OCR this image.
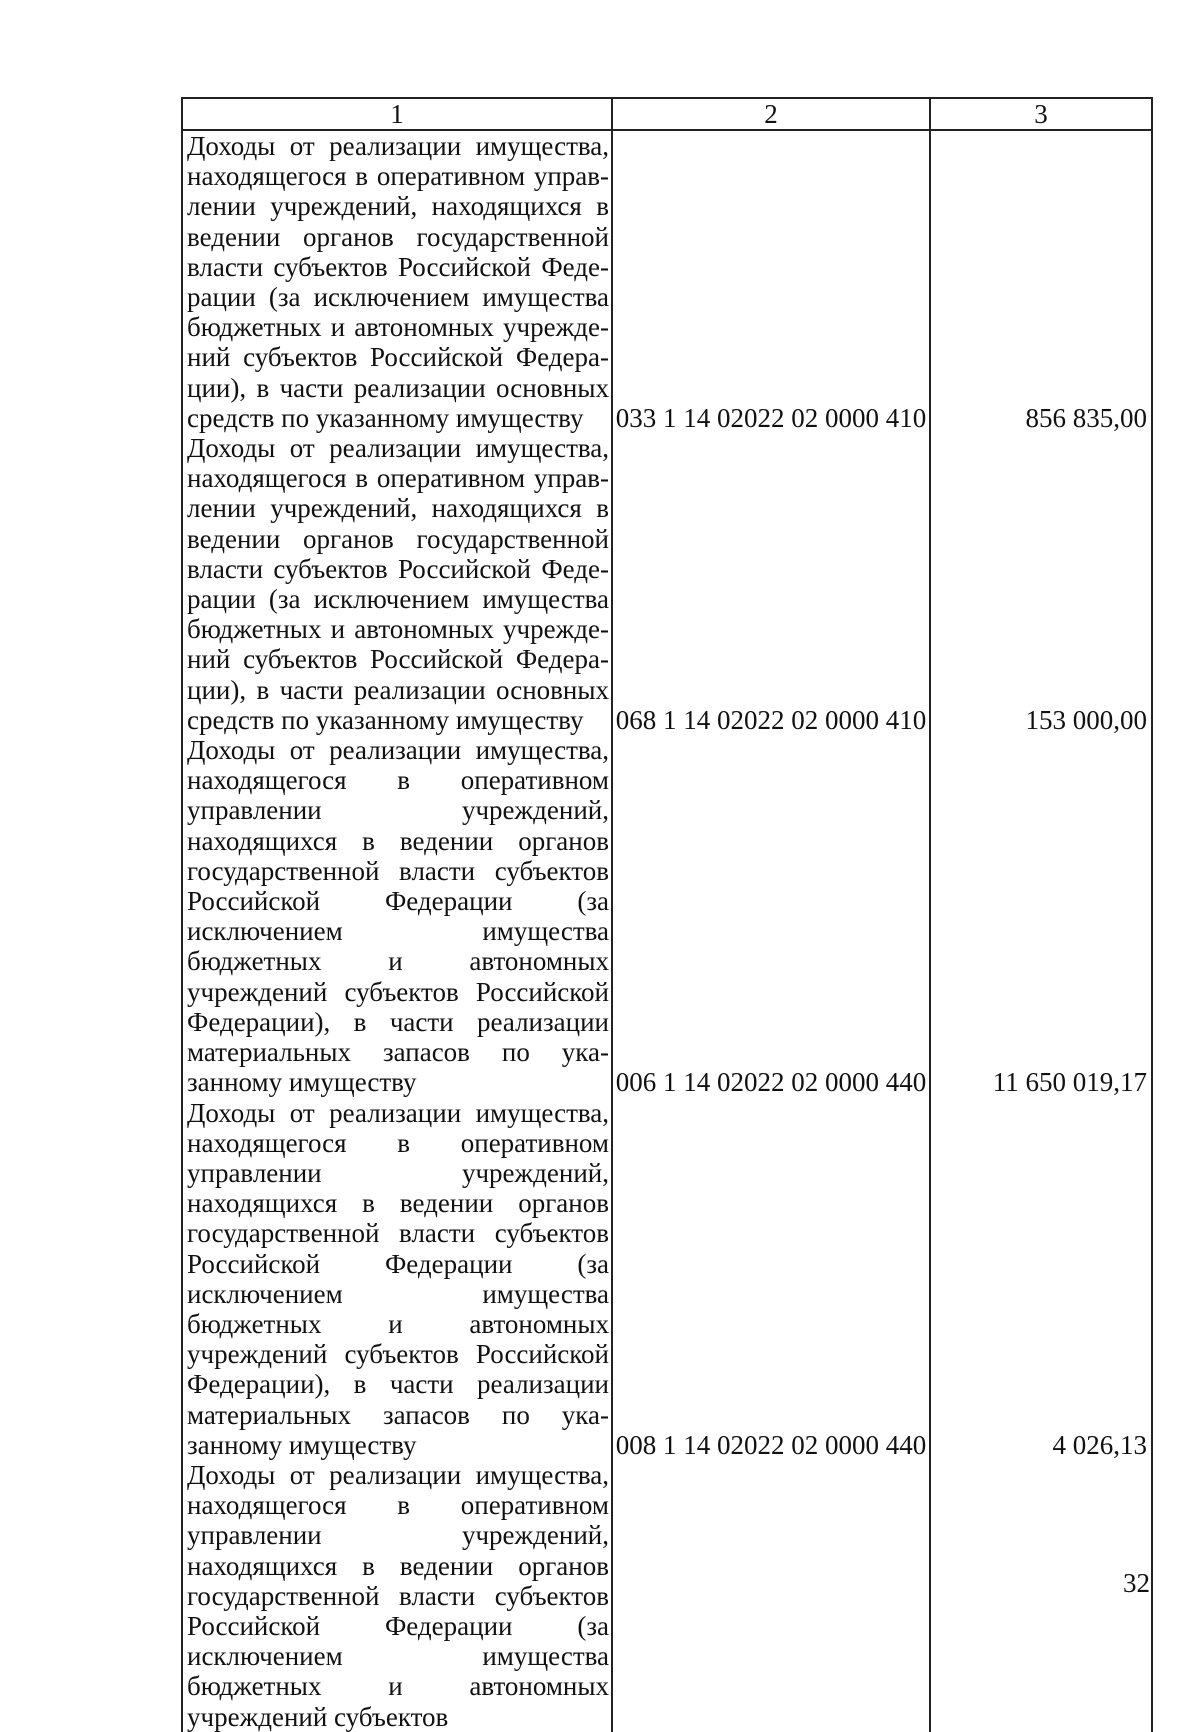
1	2	3
Доходы от реализации имущества, находящегося в оперативном управлении учреждений, находящихся в ведении органов государственной власти субъектов Российской Федерации (за исключением имущества бюджетных и автономных учреждений субъектов Российской Федерации), в части реализации основных средств по указанному имуществу	033 1 14 02022 02 0000 410	856 835,00
Доходы от реализации имущества, находящегося в оперативном управлении учреждений, находящихся в ведении органов государственной власти субъектов Российской Федерации (за исключением имущества бюджетных и автономных учреждений субъектов Российской Федерации), в части реализации основных средств по указанному имуществу	068 1 14 02022 02 0000 410	153 000,00
Доходы от реализации имущества, находящегося в оперативном управлении учреждений, находящихся в ведении органов государственной власти субъектов Российской Федерации (за исключением имущества бюджетных и автономных учреждений субъектов Российской Федерации), в части реализации материальных запасов по указанному имуществу	006 1 14 02022 02 0000 440	11 650 019,17
Доходы от реализации имущества, находящегося в оперативном управлении учреждений, находящихся в ведении органов государственной власти субъектов Российской Федерации (за исключением имущества бюджетных и автономных учреждений субъектов Российской Федерации), в части реализации материальных запасов по указанному имуществу	008 1 14 02022 02 0000 440	4 026,13
Доходы от реализации имущества, находящегося в оперативном управлении учреждений, находящихся в ведении органов государственной власти субъектов Российской Федерации (за исключением имущества бюджетных и автономных учреждений субъектов		
32
